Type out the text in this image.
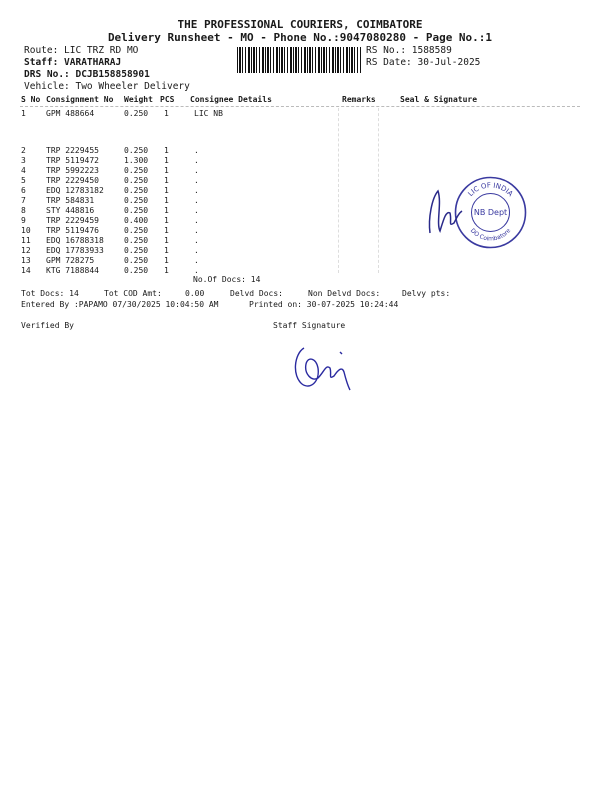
THE PROFESSIONAL COURIERS, COIMBATORE
Delivery Runsheet - MO - Phone No.:9047080280 - Page No.:1
Route: LIC TRZ RD MO
Staff: VARATHARAJ
DRS No.: DCJB158858901
Vehicle: Two Wheeler Delivery
RS No.: 1588589
RS Date: 30-Jul-2025
S No Consignment No Weight PCS Consignee Details	Remarks	Seal & Signature
1	GPM 488664	0.250 1	LIC NB
2	TRP 2229455	0.250 1	.
3	TRP 5119472	1.300 1	.
4	TRP 5992223	0.250 1	.
5	TRP 2229450	0.250 1	.
6	EDQ 12783182	0.250 1	.
7	TRP 584831	0.250 1	.
8	STY 448816	0.250 1	.
9	TRP 2229459	0.400 1	.
10 TRP 5119476	0.250 1	.
11 EDQ 16788318	0.250 1	.
12 EDQ 17783933	0.250 1	.
13 GPM 728275	0.250 1	.
14 KTG 7188844	0.250 1	.
No.Of Docs: 14
Tot Docs: 14	Tot COD Amt:	0.00	Delvd Docs:	Non Delvd Docs:	Delvy pts:
Entered By :PAPAMO 07/30/2025 10:04:50 AM	Printed on: 30-07-2025 10:24:44
Verified By	Staff Signature
LIC OF INDIA
NB Dept
DO Coimbatore
